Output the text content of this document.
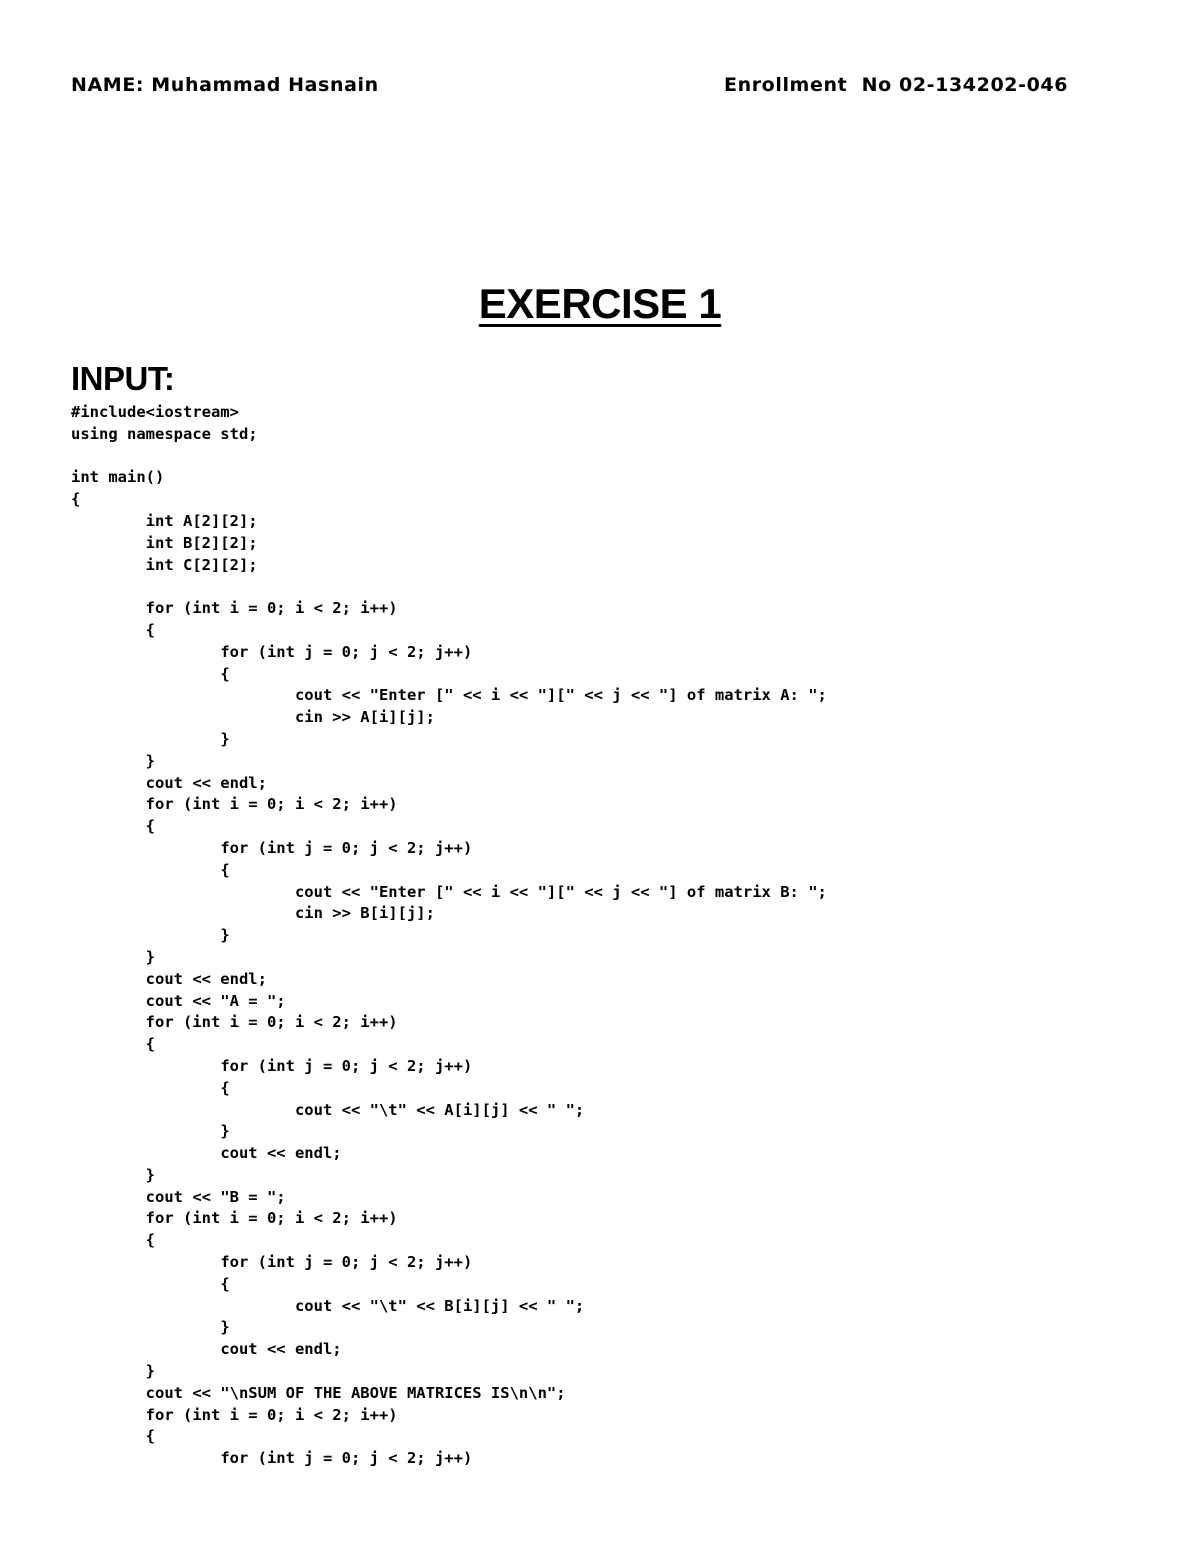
NAME: Muhammad Hasnain	Enrollment  No 02-134202-046
EXERCISE 1
INPUT:
#include<iostream>
using namespace std;
int main()
{
	int A[2][2];
	int B[2][2];
	int C[2][2];
	for (int i = 0; i < 2; i++)
	{
		for (int j = 0; j < 2; j++)
		{
			cout << "Enter [" << i << "][" << j << "] of matrix A: ";
			cin >> A[i][j];
		}
	}
	cout << endl;
	for (int i = 0; i < 2; i++)
	{
		for (int j = 0; j < 2; j++)
		{
			cout << "Enter [" << i << "][" << j << "] of matrix B: ";
			cin >> B[i][j];
		}
	}
	cout << endl;
	cout << "A = ";
	for (int i = 0; i < 2; i++)
	{
		for (int j = 0; j < 2; j++)
		{
			cout << "\t" << A[i][j] << " ";
		}
		cout << endl;
	}
	cout << "B = ";
	for (int i = 0; i < 2; i++)
	{
		for (int j = 0; j < 2; j++)
		{
			cout << "\t" << B[i][j] << " ";
		}
		cout << endl;
	}
	cout << "\nSUM OF THE ABOVE MATRICES IS\n\n";
	for (int i = 0; i < 2; i++)
	{
		for (int j = 0; j < 2; j++)
